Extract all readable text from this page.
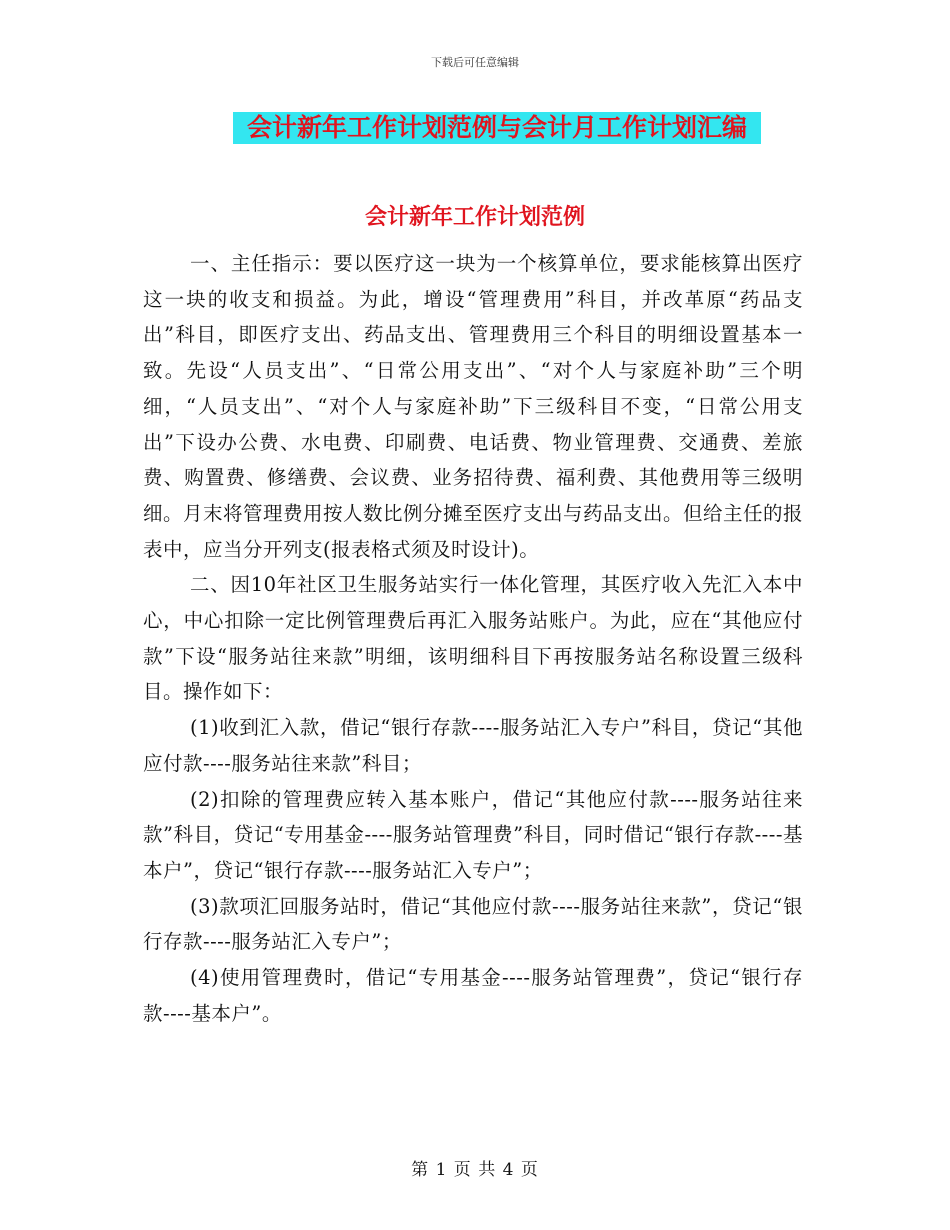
下载后可任意编辑
会计新年工作计划范例与会计月工作计划汇编
会计新年工作计划范例

一、主任指示：要以医疗这一块为一个核算单位，要求能核算出医疗这一块的收支和损益。为此，增设“管理费用”科目，并改革原“药品支出”科目，即医疗支出、药品支出、管理费用三个科目的明细设置基本一致。先设“人员支出”、“日常公用支出”、“对个人与家庭补助”三个明细，“人员支出”、“对个人与家庭补助”下三级科目不变，“日常公用支出”下设办公费、水电费、印刷费、电话费、物业管理费、交通费、差旅费、购置费、修缮费、会议费、业务招待费、福利费、其他费用等三级明细。月末将管理费用按人数比例分摊至医疗支出与药品支出。但给主任的报表中，应当分开列支(报表格式须及时设计)。

二、因10年社区卫生服务站实行一体化管理，其医疗收入先汇入本中心，中心扣除一定比例管理费后再汇入服务站账户。为此，应在“其他应付款”下设“服务站往来款”明细，该明细科目下再按服务站名称设置三级科目。操作如下：

(1)收到汇入款，借记“银行存款----服务站汇入专户”科目，贷记“其他应付款----服务站往来款”科目；

(2)扣除的管理费应转入基本账户，借记“其他应付款----服务站往来款”科目，贷记“专用基金----服务站管理费”科目，同时借记“银行存款----基本户”，贷记“银行存款----服务站汇入专户”；

(3)款项汇回服务站时，借记“其他应付款----服务站往来款”，贷记“银行存款----服务站汇入专户”；

(4)使用管理费时，借记“专用基金----服务站管理费”，贷记“银行存款----基本户”。

第 1 页 共 4 页
